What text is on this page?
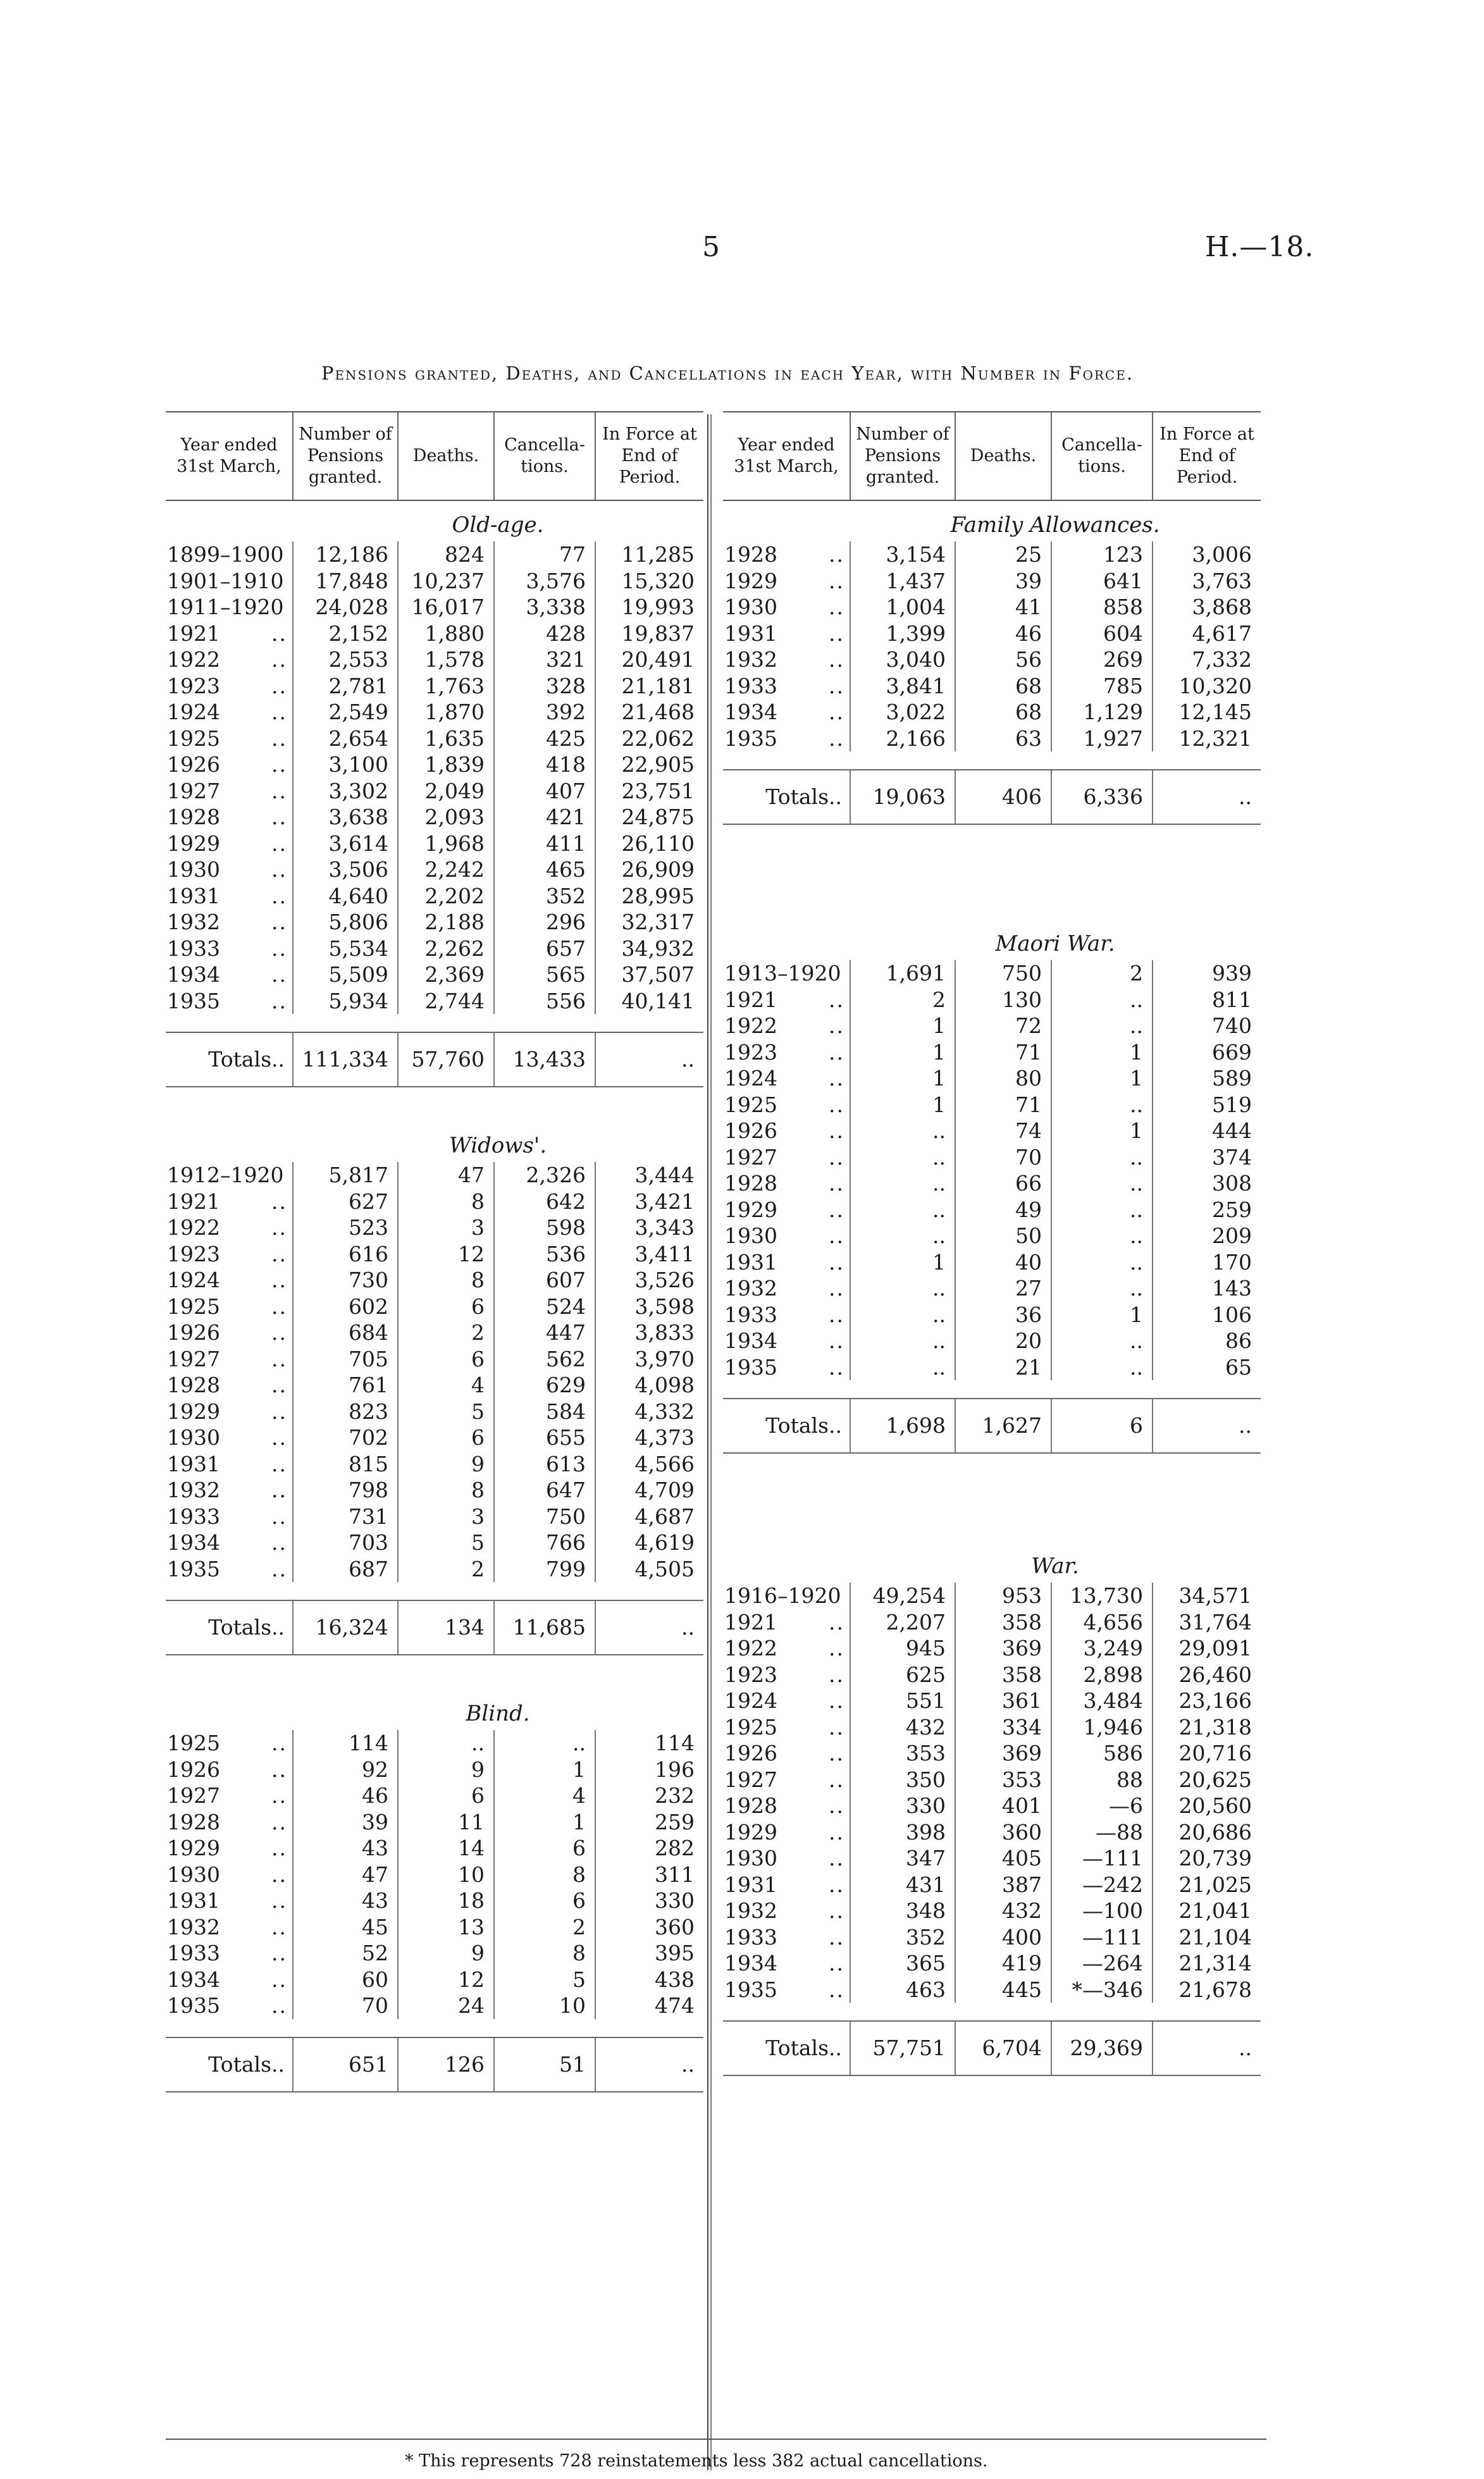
5	H.—18.
Pensions granted, Deaths, and Cancellations in each Year, with Number in Force.
Year ended 31st March,
Number of Pensions granted.
Deaths.
Cancella-tions.
In Force at End of Period.
Old-age.
1899–1900	12,186	824	77	11,285
1901–1910	17,848	10,237	3,576	15,320
1911–1920	24,028	16,017	3,338	19,993
1921 ..	2,152	1,880	428	19,837
1922 ..	2,553	1,578	321	20,491
1923 ..	2,781	1,763	328	21,181
1924 ..	2,549	1,870	392	21,468
1925 ..	2,654	1,635	425	22,062
1926 ..	3,100	1,839	418	22,905
1927 ..	3,302	2,049	407	23,751
1928 ..	3,638	2,093	421	24,875
1929 ..	3,614	1,968	411	26,110
1930 ..	3,506	2,242	465	26,909
1931 ..	4,640	2,202	352	28,995
1932 ..	5,806	2,188	296	32,317
1933 ..	5,534	2,262	657	34,932
1934 ..	5,509	2,369	565	37,507
1935 ..	5,934	2,744	556	40,141
Totals.. 111,334	57,760	13,433	..
Widows'.
1912–1920	5,817	47	2,326	3,444
1921 ..	627	8	642	3,421
1922 ..	523	3	598	3,343
1923 ..	616	12	536	3,411
1924 ..	730	8	607	3,526
1925 ..	602	6	524	3,598
1926 ..	684	2	447	3,833
1927 ..	705	6	562	3,970
1928 ..	761	4	629	4,098
1929 ..	823	5	584	4,332
1930 ..	702	6	655	4,373
1931 ..	815	9	613	4,566
1932 ..	798	8	647	4,709
1933 ..	731	3	750	4,687
1934 ..	703	5	766	4,619
1935 ..	687	2	799	4,505
Totals..	16,324	134	11,685	..
Blind.
1925 ..	114	..	..	114
1926 ..	92	9	1	196
1927 ..	46	6	4	232
1928 ..	39	11	1	259
1929 ..	43	14	6	282
1930 ..	47	10	8	311
1931 ..	43	18	6	330
1932 ..	45	13	2	360
1933 ..	52	9	8	395
1934 ..	60	12	5	438
1935 ..	70	24	10	474
Totals..	651	126	51	..
Year ended 31st March,
Number of Pensions granted.
Deaths.
Cancella-tions.
In Force at End of Period.
Family Allowances.
1928 ..	3,154	25	123	3,006
1929 ..	1,437	39	641	3,763
1930 ..	1,004	41	858	3,868
1931 ..	1,399	46	604	4,617
1932 ..	3,040	56	269	7,332
1933 ..	3,841	68	785	10,320
1934 ..	3,022	68	1,129	12,145
1935 ..	2,166	63	1,927	12,321
Totals..	19,063	406	6,336	..
Maori War.
1913–1920	1,691	750	2	939
1921 ..	2	130	..	811
1922 ..	1	72	..	740
1923 ..	1	71	1	669
1924 ..	1	80	1	589
1925 ..	1	71	..	519
1926 ..	..	74	1	444
1927 ..	..	70	..	374
1928 ..	..	66	..	308
1929 ..	..	49	..	259
1930 ..	..	50	..	209
1931 ..	1	40	..	170
1932 ..	..	27	..	143
1933 ..	..	36	1	106
1934 ..	..	20	..	86
1935 ..	..	21	..	65
Totals..	1,698	1,627	6	..
War.
1916–1920	49,254	953	13,730	34,571
1921 ..	2,207	358	4,656	31,764
1922 ..	945	369	3,249	29,091
1923 ..	625	358	2,898	26,460
1924 ..	551	361	3,484	23,166
1925 ..	432	334	1,946	21,318
1926 ..	353	369	586	20,716
1927 ..	350	353	88	20,625
1928 ..	330	401	—6	20,560
1929 ..	398	360	—88	20,686
1930 ..	347	405	—111	20,739
1931 ..	431	387	—242	21,025
1932 ..	348	432	—100	21,041
1933 ..	352	400	—111	21,104
1934 ..	365	419	—264	21,314
1935 ..	463	445	*—346	21,678
Totals..	57,751	6,704	29,369	..
* This represents 728 reinstatements less 382 actual cancellations.
